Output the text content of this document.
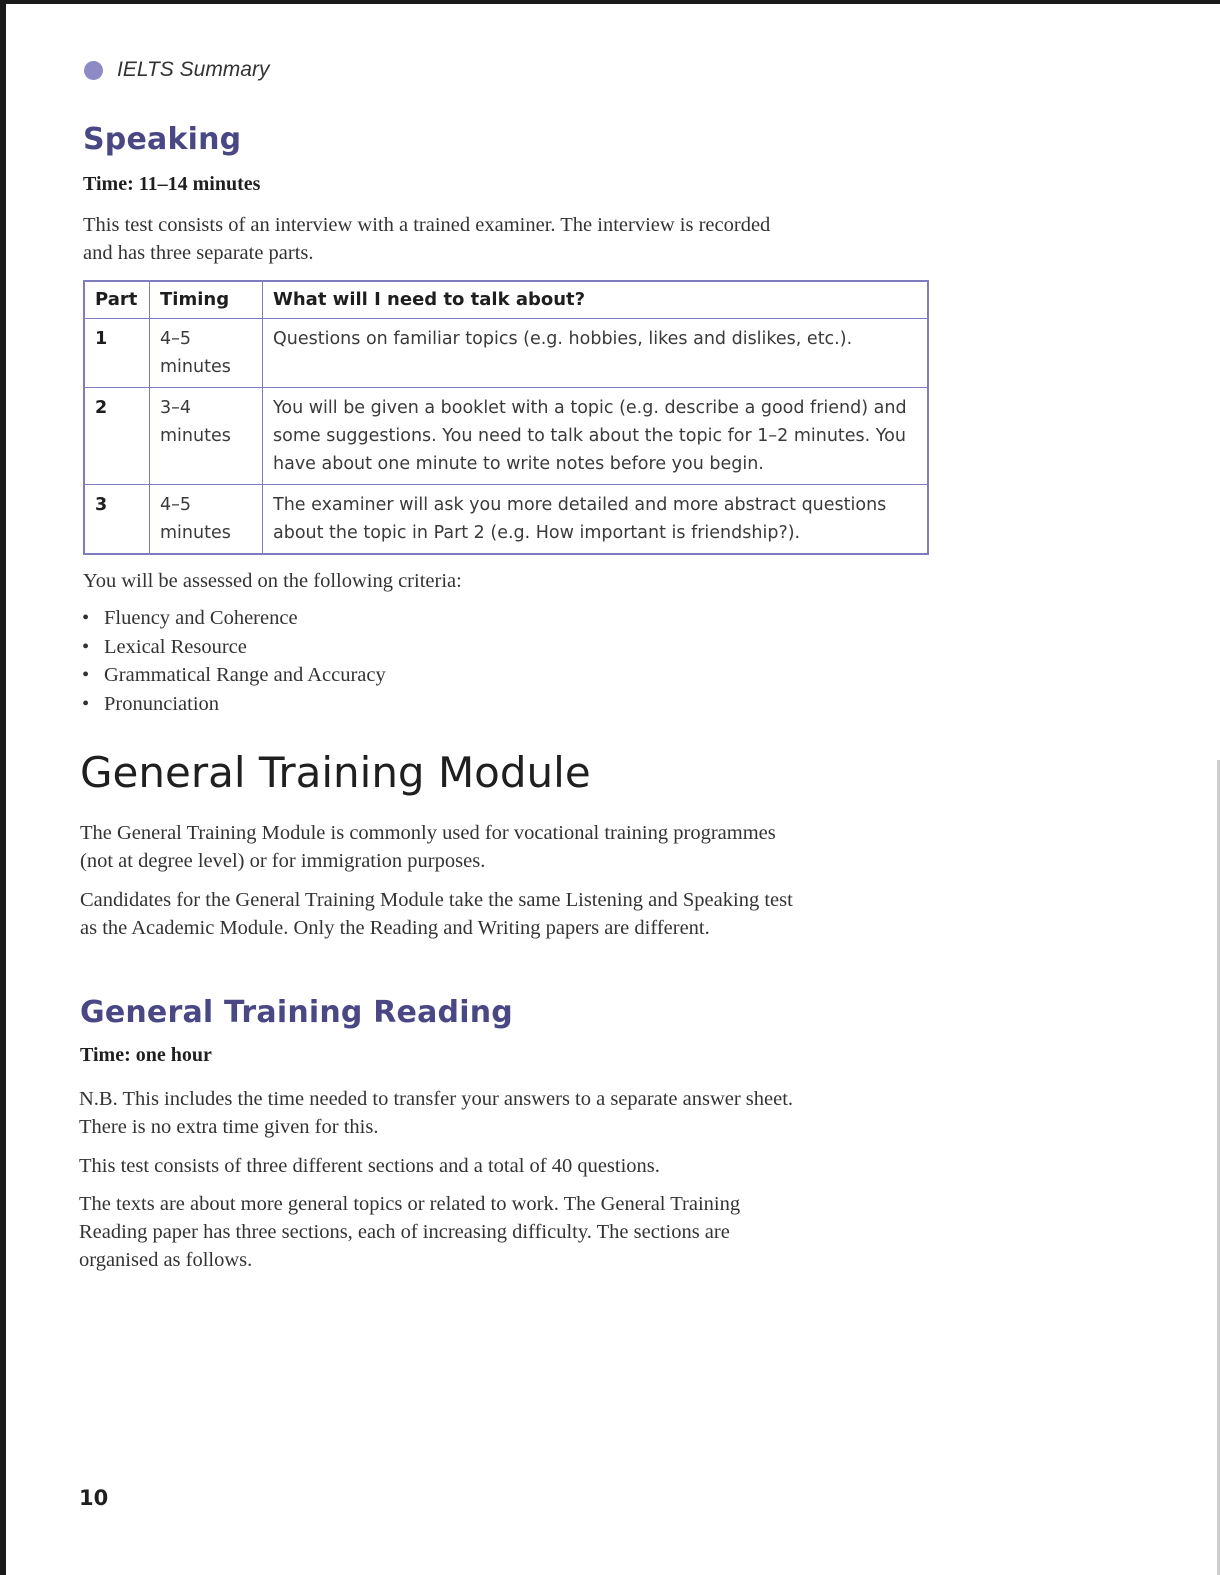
IELTS Summary
Speaking
Time: 11–14 minutes
This test consists of an interview with a trained examiner. The interview is recorded and has three separate parts.
Part	Timing	What will I need to talk about?
1	4–5 minutes	Questions on familiar topics (e.g. hobbies, likes and dislikes, etc.).
2	3–4 minutes	You will be given a booklet with a topic (e.g. describe a good friend) and some suggestions. You need to talk about the topic for 1–2 minutes. You have about one minute to write notes before you begin.
3	4–5 minutes	The examiner will ask you more detailed and more abstract questions about the topic in Part 2 (e.g. How important is friendship?).
You will be assessed on the following criteria:
• Fluency and Coherence
• Lexical Resource
• Grammatical Range and Accuracy
• Pronunciation
General Training Module
The General Training Module is commonly used for vocational training programmes (not at degree level) or for immigration purposes.
Candidates for the General Training Module take the same Listening and Speaking test as the Academic Module. Only the Reading and Writing papers are different.
General Training Reading
Time: one hour
N.B. This includes the time needed to transfer your answers to a separate answer sheet. There is no extra time given for this.
This test consists of three different sections and a total of 40 questions.
The texts are about more general topics or related to work. The General Training Reading paper has three sections, each of increasing difficulty. The sections are organised as follows.
10
